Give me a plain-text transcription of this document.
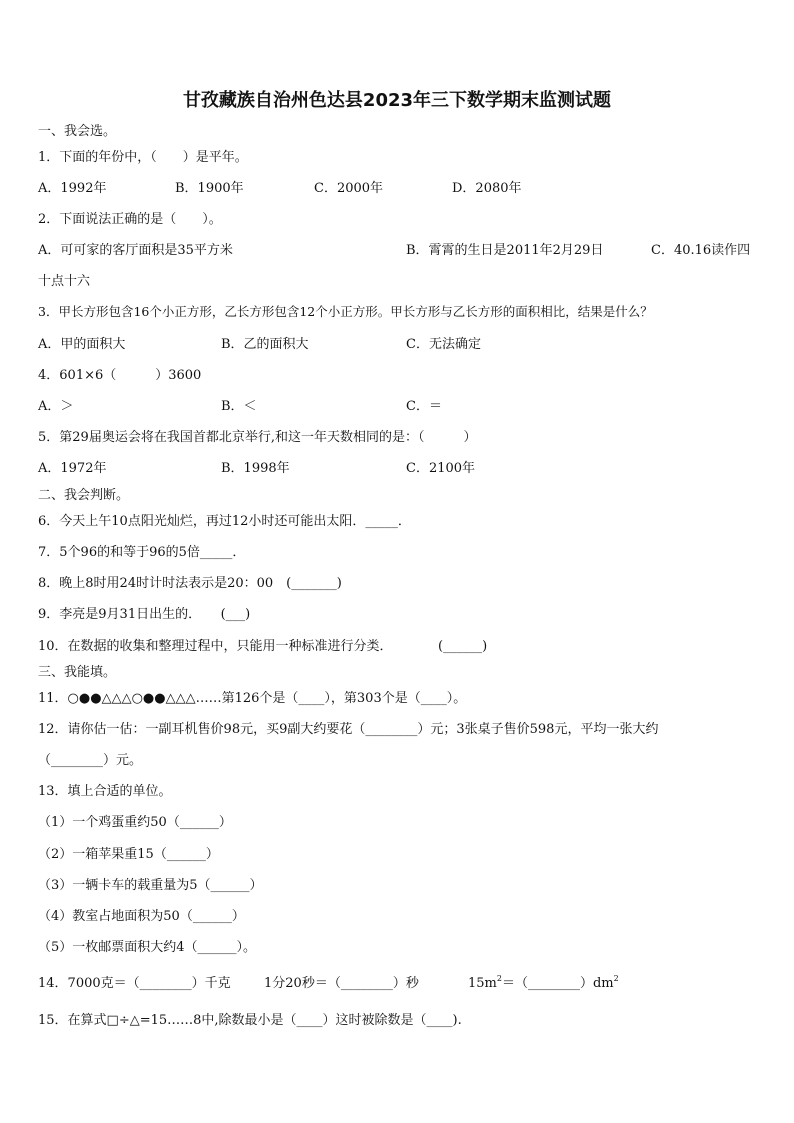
甘孜藏族自治州色达县2023年三下数学期末监测试题
一、我会选。
1．下面的年份中，（　　）是平年。
A．1992年	B．1900年	C．2000年	D．2080年
2．下面说法正确的是（　　）。
A．可可家的客厅面积是35平方米	B．霄霄的生日是2011年2月29日	C．40.16读作四
十点十六
3．甲长方形包含16个小正方形，乙长方形包含12个小正方形。甲长方形与乙长方形的面积相比，结果是什么？
A．甲的面积大	B．乙的面积大	C．无法确定
4．601×6（　　　）3600
A．＞	B．＜	C．＝
5．第29届奥运会将在我国首都北京举行,和这一年天数相同的是：（　　　）
A．1972年	B．1998年	C．2100年
二、我会判断。
6．今天上午10点阳光灿烂，再过12小时还可能出太阳．_____．
7．5个96的和等于96的5倍_____．
8．晚上8时用24时计时法表示是20：00　(_______)
9．李亮是9月31日出生的．　　(___)
10．在数据的收集和整理过程中，只能用一种标准进行分类．　　　　(______)
三、我能填。
11．○●●△△△○●●△△△……第126个是（____），第303个是（____）。
12．请你估一估：一副耳机售价98元，买9副大约要花（________）元；3张桌子售价598元，平均一张大约
（________）元。
13．填上合适的单位。
（1）一个鸡蛋重约50（______）
（2）一箱苹果重15（______）
（3）一辆卡车的载重量为5（______）
（4）教室占地面积为50（______）
（5）一枚邮票面积大约4（______）。
14．7000克＝（________）千克	1分20秒＝（________）秒	$15m^2=(\_\_\_\_\_\_\_\_)dm^2$
15．在算式□÷△=15……8中,除数最小是（____）这时被除数是（____).
